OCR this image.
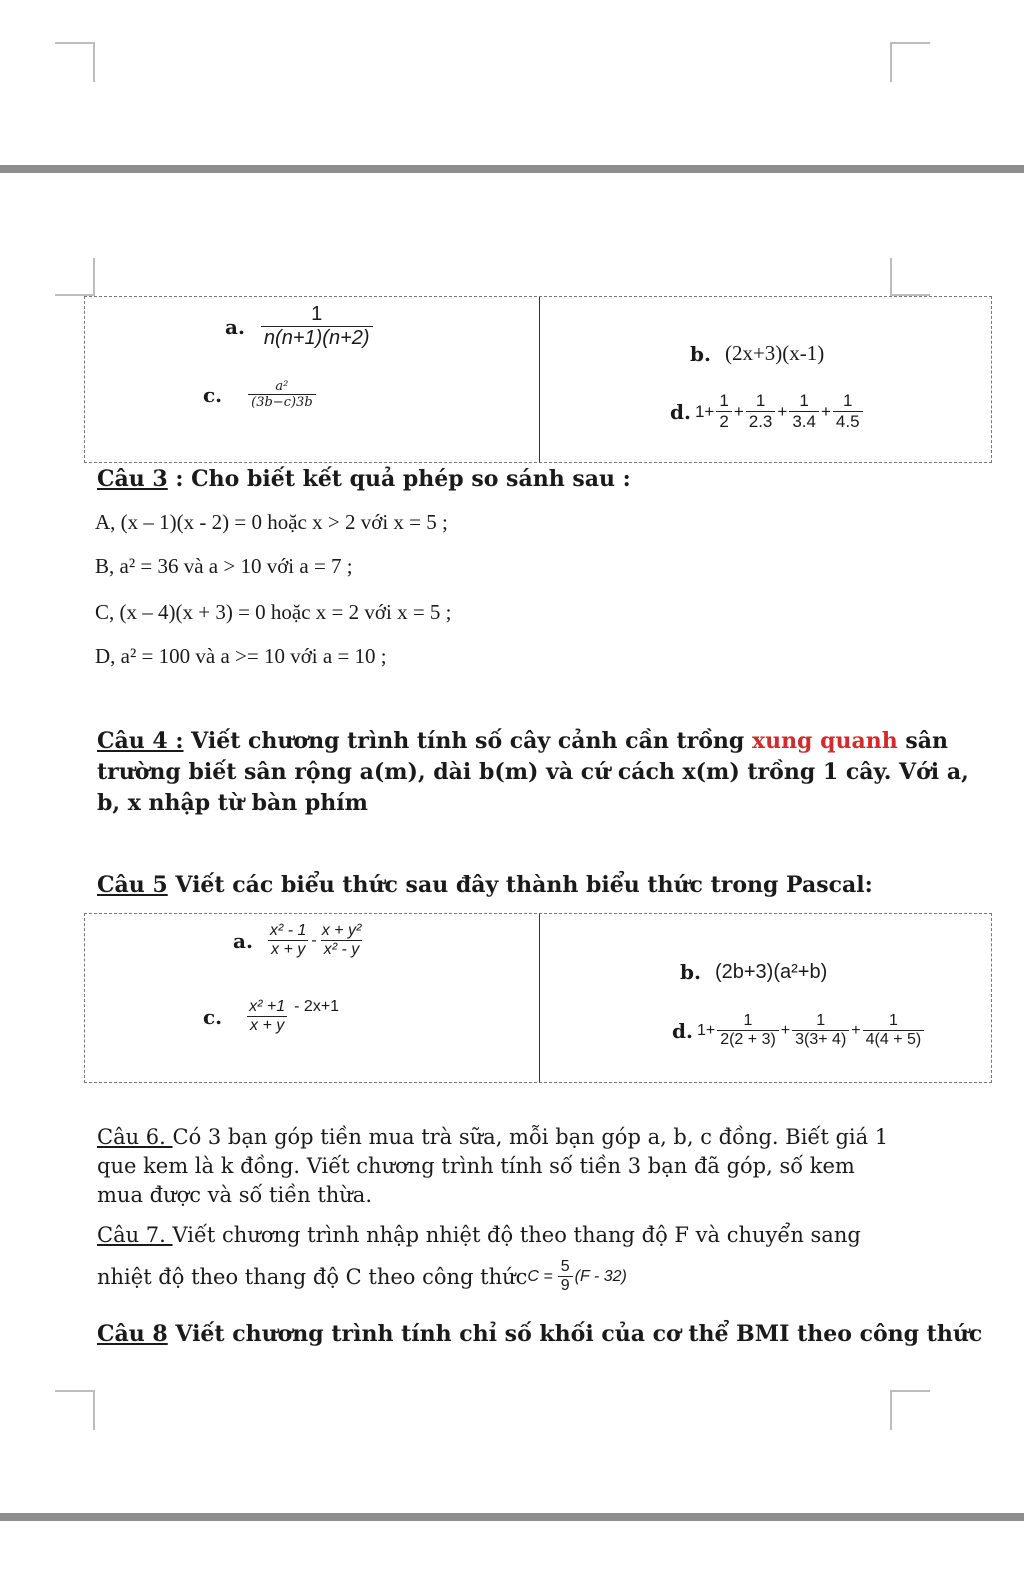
a. $\frac{1}{n(n+1)(n+2)}$
c. $\frac{\text{a²}}{(3b-c)3b}$
b. (2x+3)(x-1)
d. $1+ \frac{1}{2} + \frac{1}{2.3} + \frac{1}{3.4} + \frac{1}{4.5}$
Câu 3 : Cho biết kết quả phép so sánh sau :
A, (x – 1)(x - 2) = 0 hoặc x > 2 với x = 5 ;
B, a² = 36 và a > 10 với a = 7 ;
C, (x – 4)(x + 3) = 0 hoặc x = 2 với x = 5 ;
D, a² = 100 và a >= 10 với a = 10 ;
Câu 4 : Viết chương trình tính số cây cảnh cần trồng xung quanh sân
trường biết sân rộng a(m), dài b(m) và cứ cách x(m) trồng 1 cây. Với a,
b, x nhập từ bàn phím
Câu 5 Viết các biểu thức sau đây thành biểu thức trong Pascal:
a. $\frac{\text{x² - 1}}{x + y} - \frac{\text{x + y²}}{\text{x² - y}}$
c. $\frac{\text{x² +1}}{x + y} - 2x+1$
b. (2b+3)(a²+b)
d. $1+ \frac{1}{2(2 + 3)} + \frac{1}{3(3+ 4)} + \frac{1}{4(4 + 5)}$
Câu 6. Có 3 bạn góp tiền mua trà sữa, mỗi bạn góp a, b, c đồng. Biết giá 1
que kem là k đồng. Viết chương trình tính số tiền 3 bạn đã góp, số kem
mua được và số tiền thừa.
Câu 7. Viết chương trình nhập nhiệt độ theo thang độ F và chuyển sang
nhiệt độ theo thang độ C theo công thức $C = \frac{5}{9} (F - 32)$
Câu 8 Viết chương trình tính chỉ số khối của cơ thể BMI theo công thức
